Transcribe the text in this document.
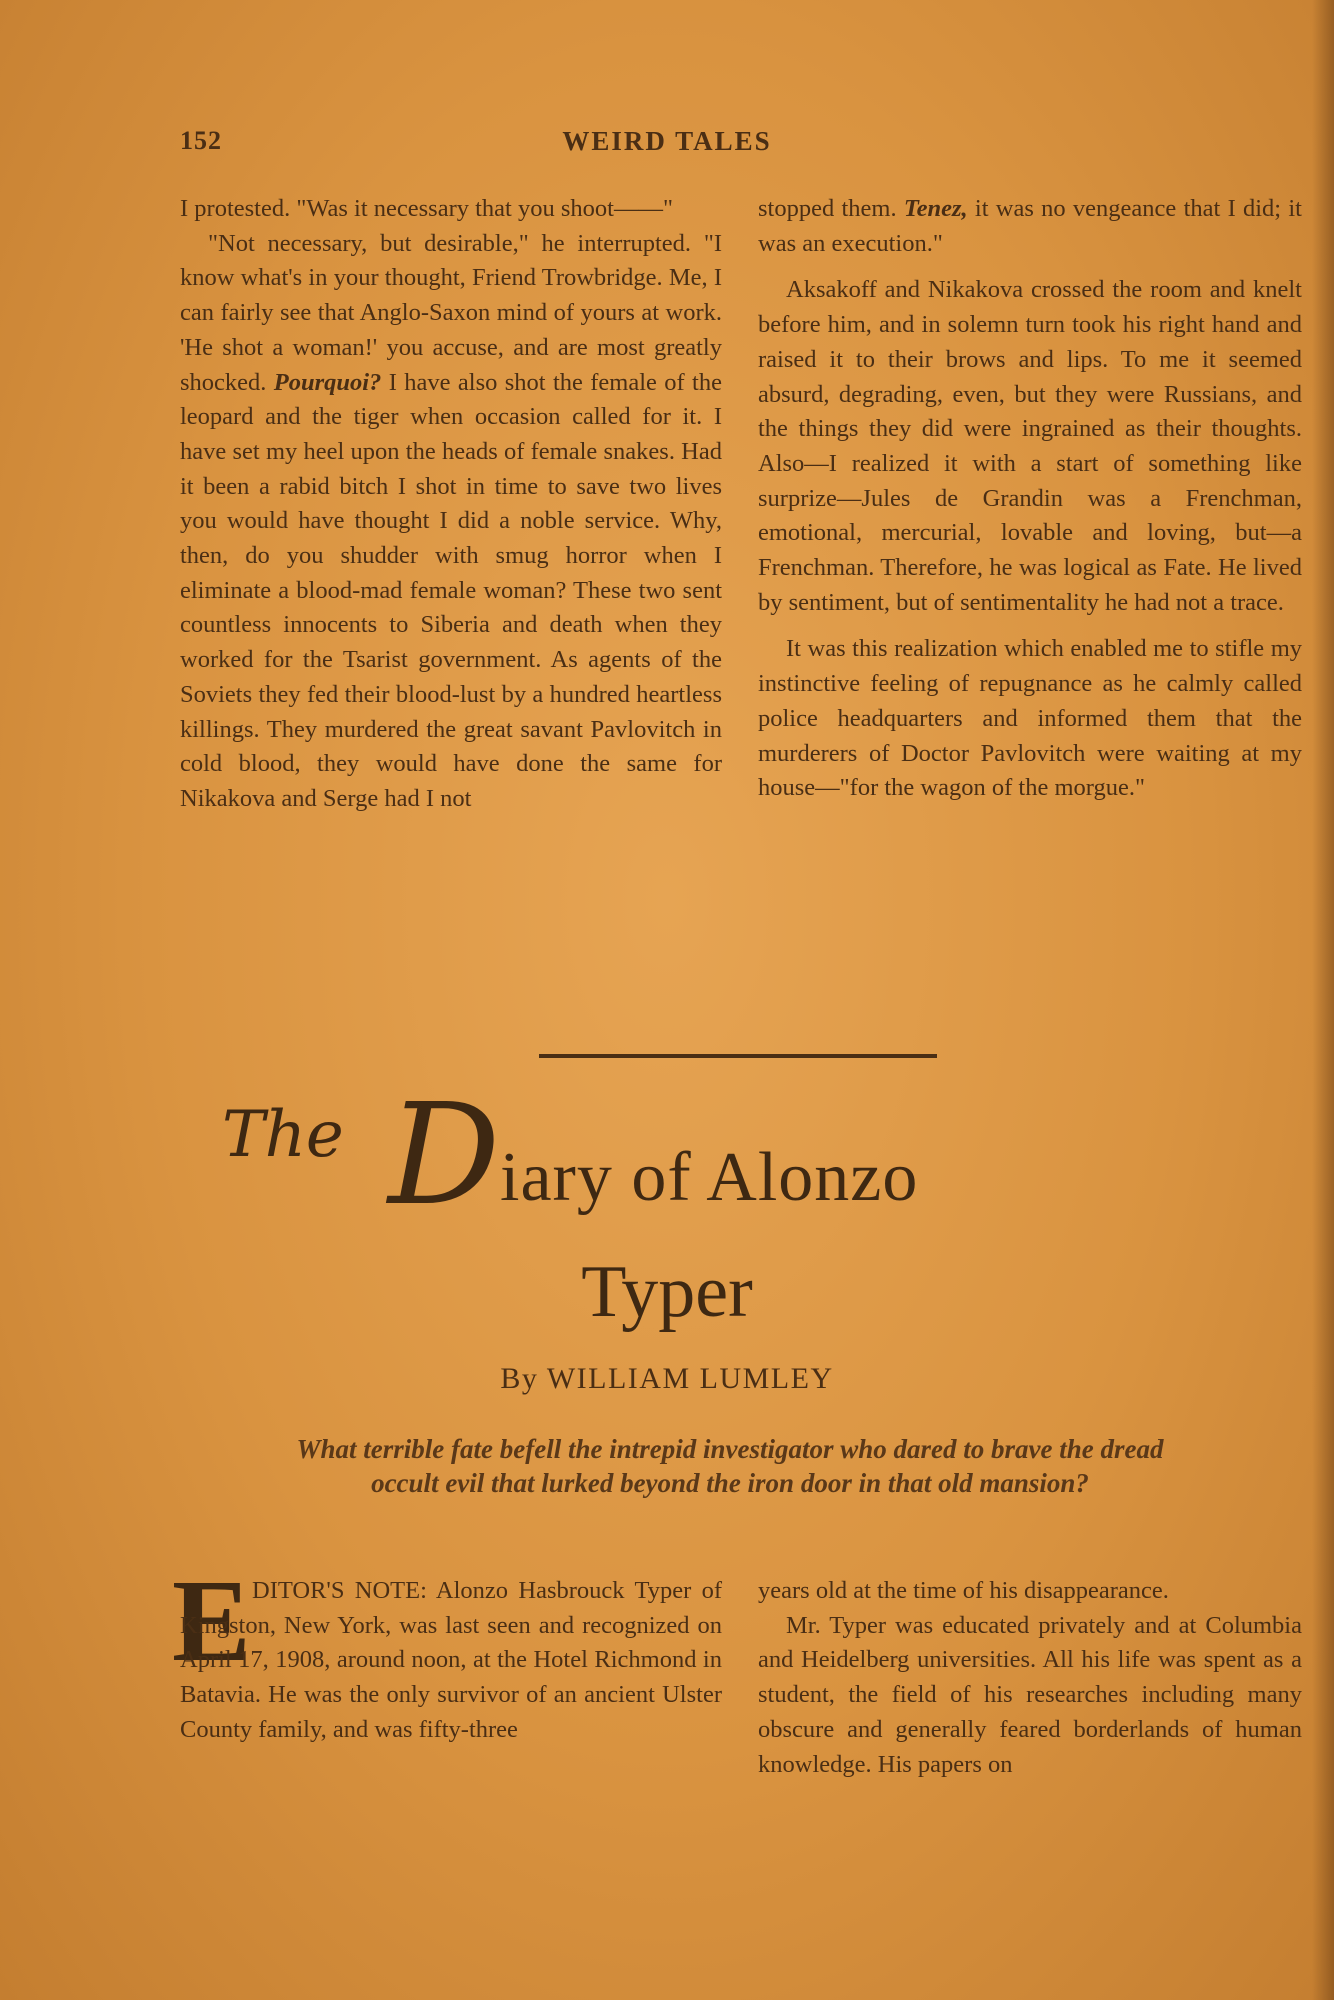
152	WEIRD TALES

I protested. "Was it necessary that you shoot——"

"Not necessary, but desirable," he interrupted. "I know what's in your thought, Friend Trowbridge. Me, I can fairly see that Anglo-Saxon mind of yours at work. 'He shot a woman!' you accuse, and are most greatly shocked. Pourquoi? I have also shot the female of the leopard and the tiger when occasion called for it. I have set my heel upon the heads of female snakes. Had it been a rabid bitch I shot in time to save two lives you would have thought I did a noble service. Why, then, do you shudder with smug horror when I eliminate a blood-mad female woman? These two sent countless innocents to Siberia and death when they worked for the Tsarist government. As agents of the Soviets they fed their blood-lust by a hundred heartless killings. They murdered the great savant Pavlovitch in cold blood, they would have done the same for Nikakova and Serge had I not

stopped them. Tenez, it was no vengeance that I did; it was an execution."

Aksakoff and Nikakova crossed the room and knelt before him, and in solemn turn took his right hand and raised it to their brows and lips. To me it seemed absurd, degrading, even, but they were Russians, and the things they did were ingrained as their thoughts. Also—I realized it with a start of something like surprize—Jules de Grandin was a Frenchman, emotional, mercurial, lovable and loving, but—a Frenchman. Therefore, he was logical as Fate. He lived by sentiment, but of sentimentality he had not a trace.

It was this realization which enabled me to stifle my instinctive feeling of repugnance as he calmly called police headquarters and informed them that the murderers of Doctor Pavlovitch were waiting at my house—"for the wagon of the morgue."

The D iary of Alonzo
Typer
By WILLIAM LUMLEY
What terrible fate befell the intrepid investigator who dared to brave the dread occult evil that lurked beyond the iron door in that old mansion?
E DITOR'S NOTE: Alonzo Hasbrouck Typer of Kingston, New York, was last seen and recognized on April 17, 1908, around noon, at the Hotel Richmond in Batavia. He was the only survivor of an ancient Ulster County family, and was fifty-three

years old at the time of his disappearance.

Mr. Typer was educated privately and at Columbia and Heidelberg universities. All his life was spent as a student, the field of his researches including many obscure and generally feared borderlands of human knowledge. His papers on
